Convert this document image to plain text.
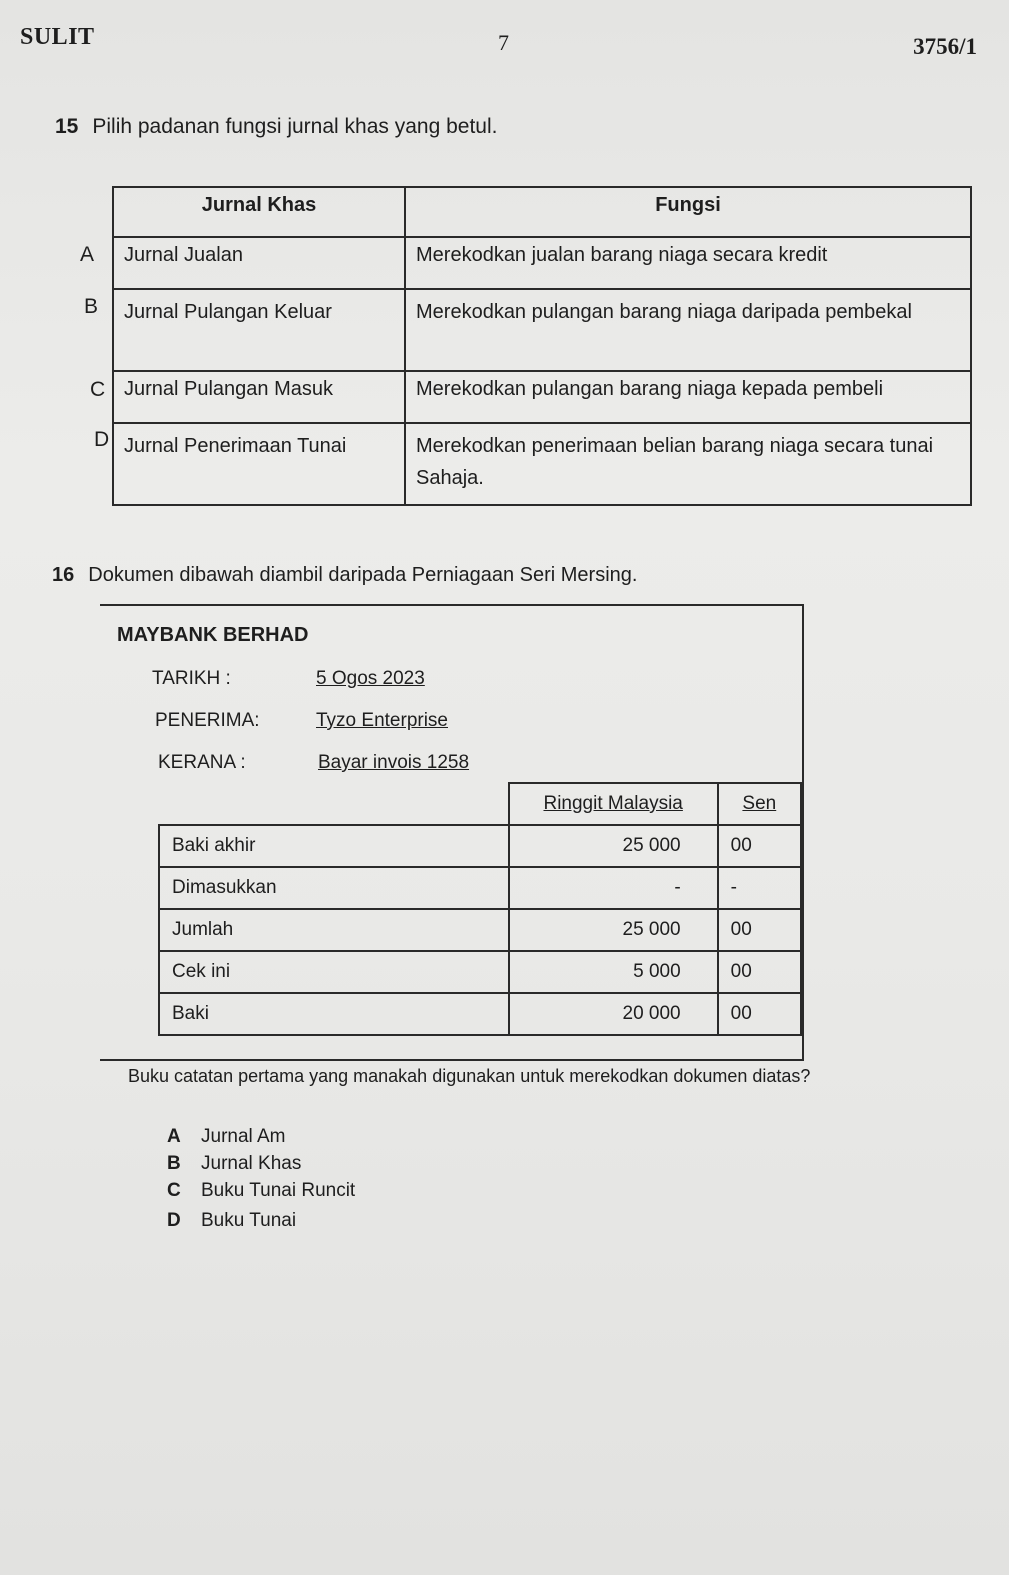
SULIT	7	3756/1
15 Pilih padanan fungsi jurnal khas yang betul.
A
B
C
D
Jurnal Khas	Fungsi
Jurnal Jualan	Merekodkan jualan barang niaga secara kredit
Jurnal Pulangan Keluar	Merekodkan pulangan barang niaga daripada pembekal
Jurnal Pulangan Masuk	Merekodkan pulangan barang niaga kepada pembeli
Jurnal Penerimaan Tunai	Merekodkan penerimaan belian barang niaga secara tunai Sahaja.
16 Dokumen dibawah diambil daripada Perniagaan Seri Mersing.
MAYBANK BERHAD
TARIKH :	5 Ogos 2023
PENERIMA:	Tyzo Enterprise
KERANA :	Bayar invois 1258
	Ringgit Malaysia	Sen
Baki akhir	25 000	00
Dimasukkan	-	-
Jumlah	25 000	00
Cek ini	5 000	00
Baki	20 000	00
Buku catatan pertama yang manakah digunakan untuk merekodkan dokumen diatas?
A Jurnal Am
B Jurnal Khas
C Buku Tunai Runcit
D Buku Tunai
